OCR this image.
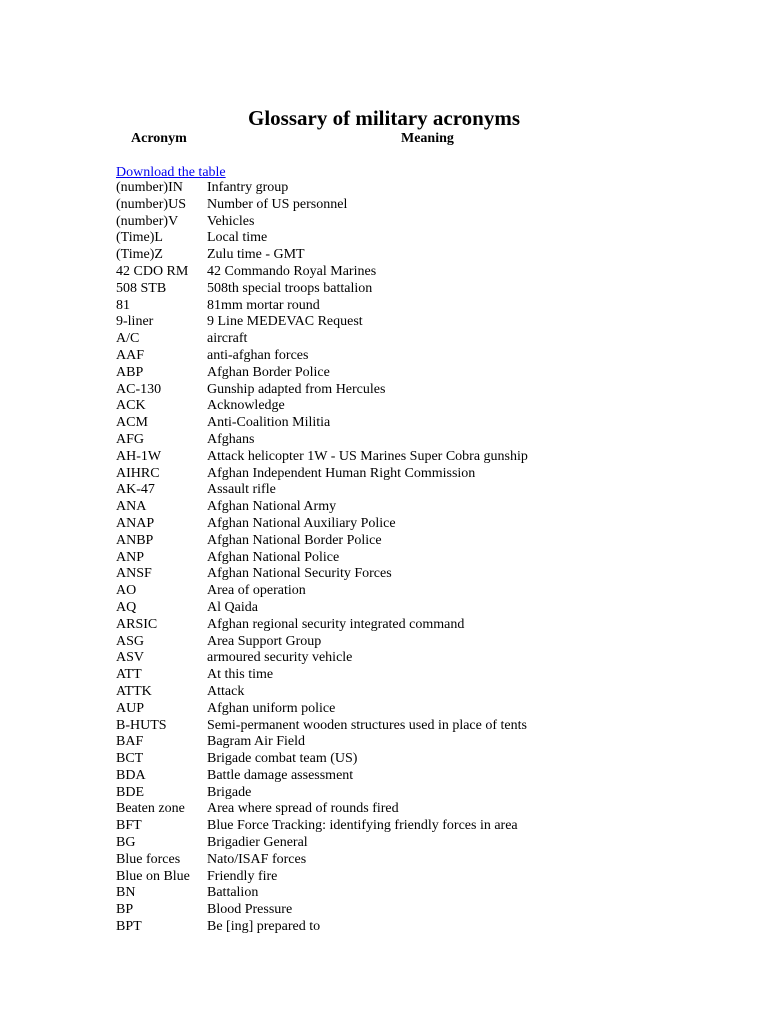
Glossary of military acronyms
Acronym	Meaning
Download the table
(number)IN	Infantry group
(number)US	Number of US personnel
(number)V	Vehicles
(Time)L	Local time
(Time)Z	Zulu time - GMT
42 CDO RM	42 Commando Royal Marines
508 STB	508th special troops battalion
81	81mm mortar round
9-liner	9 Line MEDEVAC Request
A/C	aircraft
AAF	anti-afghan forces
ABP	Afghan Border Police
AC-130	Gunship adapted from Hercules
ACK	Acknowledge
ACM	Anti-Coalition Militia
AFG	Afghans
AH-1W	Attack helicopter 1W - US Marines Super Cobra gunship
AIHRC	Afghan Independent Human Right Commission
AK-47	Assault rifle
ANA	Afghan National Army
ANAP	Afghan National Auxiliary Police
ANBP	Afghan National Border Police
ANP	Afghan National Police
ANSF	Afghan National Security Forces
AO	Area of operation
AQ	Al Qaida
ARSIC	Afghan regional security integrated command
ASG	Area Support Group
ASV	armoured security vehicle
ATT	At this time
ATTK	Attack
AUP	Afghan uniform police
B-HUTS	Semi-permanent wooden structures used in place of tents
BAF	Bagram Air Field
BCT	Brigade combat team (US)
BDA	Battle damage assessment
BDE	Brigade
Beaten zone	Area where spread of rounds fired
BFT	Blue Force Tracking: identifying friendly forces in area
BG	Brigadier General
Blue forces	Nato/ISAF forces
Blue on Blue	Friendly fire
BN	Battalion
BP	Blood Pressure
BPT	Be [ing] prepared to
